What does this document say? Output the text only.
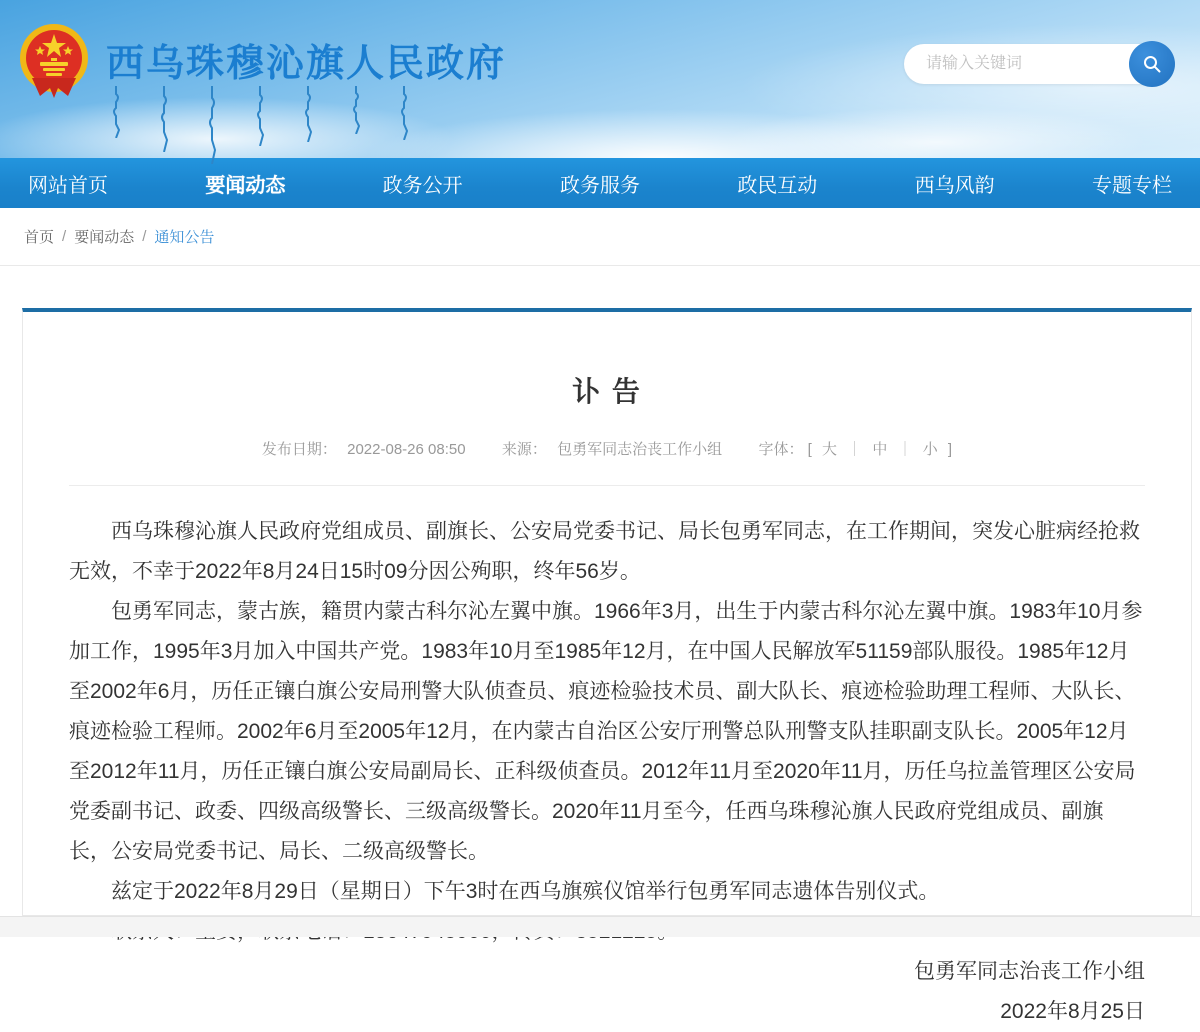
西乌珠穆沁旗人民政府
请输入关键词
网站首页	要闻动态	政务公开	政务服务	政民互动	西乌风韵	专题专栏
首页 / 要闻动态 / 通知公告
讣 告
发布日期： 2022-08-26 08:50 来源： 包勇军同志治丧工作小组 字体： [ 大 ｜ 中 ｜ 小 ]

西乌珠穆沁旗人民政府党组成员、副旗长、公安局党委书记、局长包勇军同志，在工作期间，突发心脏病经抢救无效，不幸于2022年8月24日15时09分因公殉职，终年56岁。

包勇军同志，蒙古族，籍贯内蒙古科尔沁左翼中旗。1966年3月，出生于内蒙古科尔沁左翼中旗。1983年10月参加工作，1995年3月加入中国共产党。1983年10月至1985年12月，在中国人民解放军51159部队服役。1985年12月至2002年6月，历任正镶白旗公安局刑警大队侦查员、痕迹检验技术员、副大队长、痕迹检验助理工程师、大队长、痕迹检验工程师。2002年6月至2005年12月，在内蒙古自治区公安厅刑警总队刑警支队挂职副支队长。2005年12月至2012年11月，历任正镶白旗公安局副局长、正科级侦查员。2012年11月至2020年11月，历任乌拉盖管理区公安局党委副书记、政委、四级高级警长、三级高级警长。2020年11月至今，任西乌珠穆沁旗人民政府党组成员、副旗长，公安局党委书记、局长、二级高级警长。

兹定于2022年8月29日（星期日）下午3时在西乌旗殡仪馆举行包勇军同志遗体告别仪式。

包勇军同志治丧工作小组
2022年8月25日
